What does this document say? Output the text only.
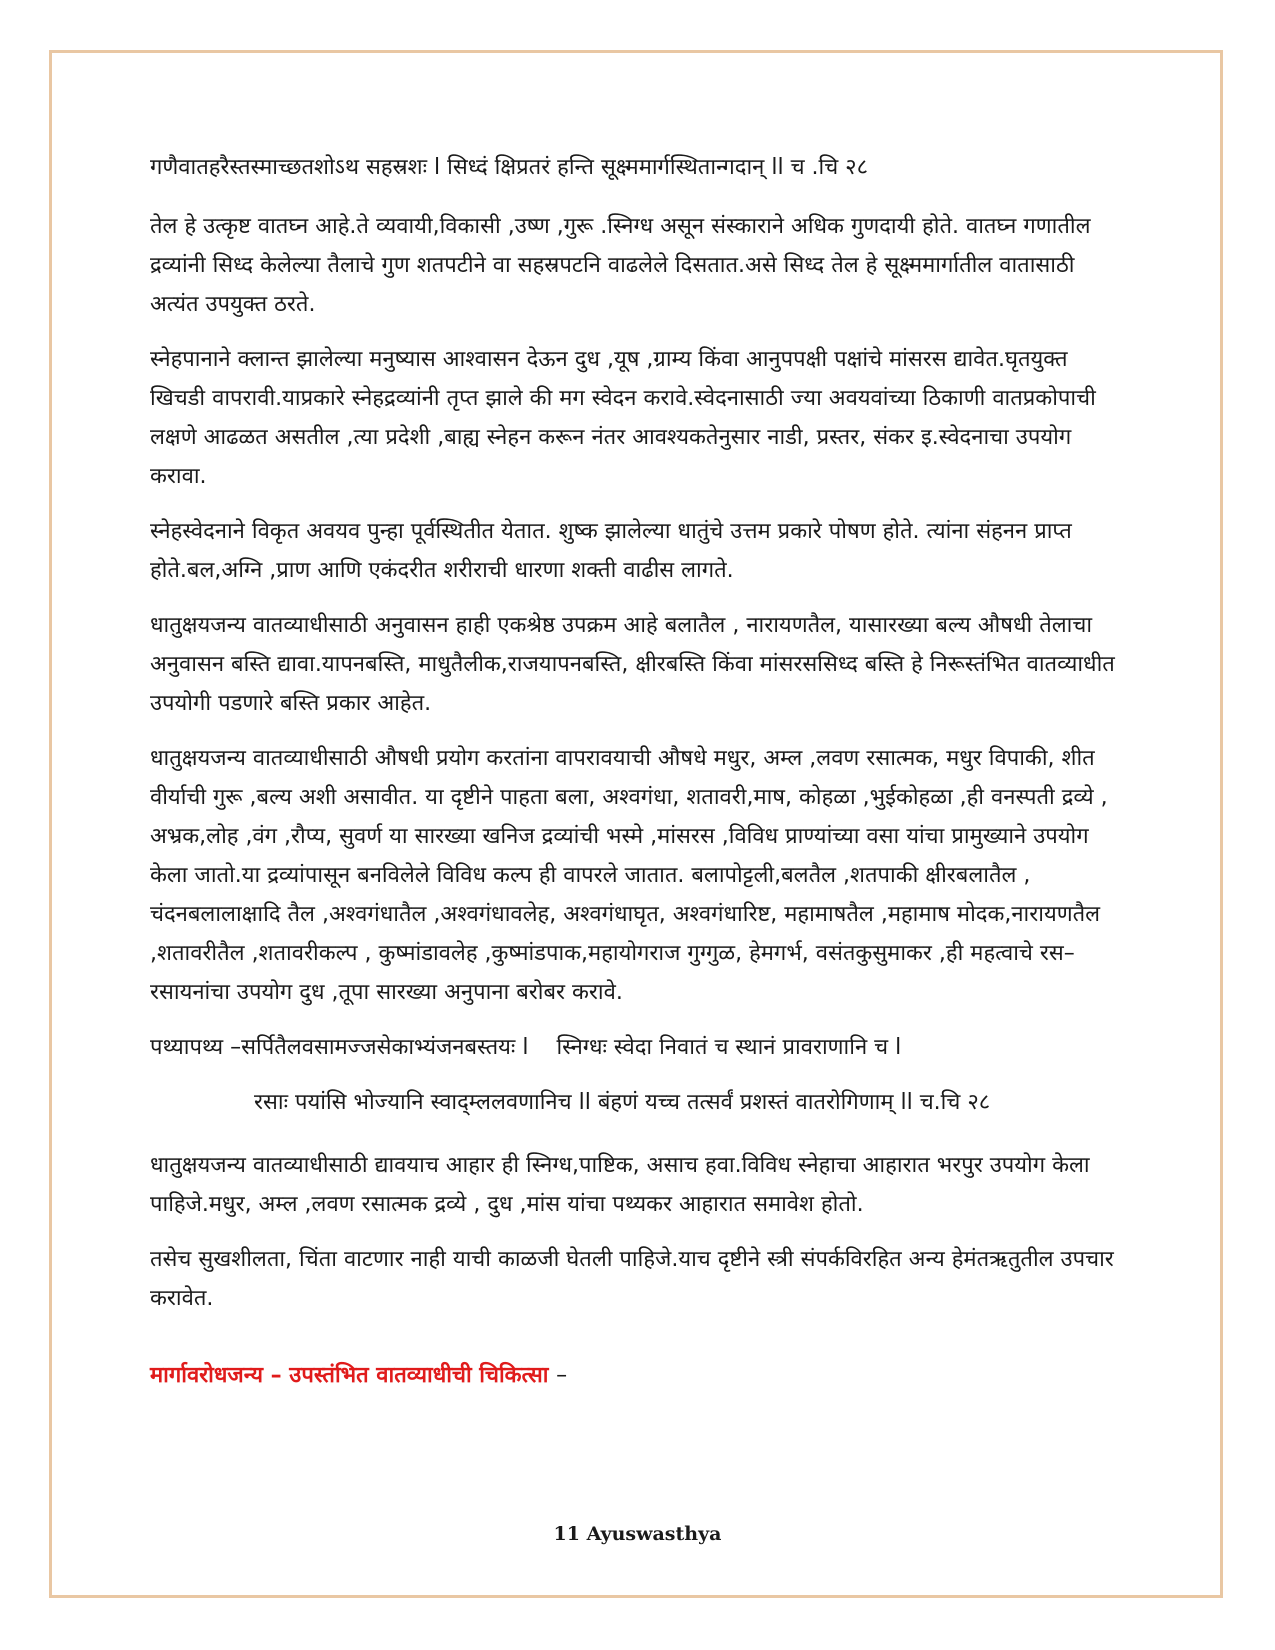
गणैवातहरैस्तस्माच्छतशोऽथ सहस्रशः l सिध्दं क्षिप्रतरं हन्ति सूक्ष्ममार्गस्थितान्गदान् ll च .चि २८

तेल हे उत्कृष्ट वातघ्न आहे.ते व्यवायी,विकासी ,उष्ण ,गुरू .स्निग्ध असून संस्काराने अधिक गुणदायी होते. वातघ्न गणातील द्रव्यांनी सिध्द केलेल्या तैलाचे गुण शतपटीने वा सहस्रपटनि वाढलेले दिसतात.असे सिध्द तेल हे सूक्ष्ममार्गातील वातासाठी अत्यंत उपयुक्त ठरते.

स्नेहपानाने क्लान्त झालेल्या मनुष्यास आश्वासन देऊन दुध ,यूष ,ग्राम्य किंवा आनुपपक्षी पक्षांचे मांसरस द्यावेत.घृतयुक्त खिचडी वापरावी.याप्रकारे स्नेहद्रव्यांनी तृप्त झाले की मग स्वेदन करावे.स्वेदनासाठी ज्या अवयवांच्या ठिकाणी वातप्रकोपाची लक्षणे आढळत असतील ,त्या प्रदेशी ,बाह्य स्नेहन करून नंतर आवश्यकतेनुसार नाडी, प्रस्तर, संकर इ.स्वेदनाचा उपयोग करावा.

स्नेहस्वेदनाने विकृत अवयव पुन्हा पूर्वस्थितीत येतात. शुष्क झालेल्या धातुंचे उत्तम प्रकारे पोषण होते. त्यांना संहनन प्राप्त होते.बल,अग्नि ,प्राण आणि एकंदरीत शरीराची धारणा शक्ती वाढीस लागते.

धातुक्षयजन्य वातव्याधीसाठी अनुवासन हाही एकश्रेष्ठ उपक्रम आहे बलातैल , नारायणतैल, यासारख्या बल्य औषधी तेलाचा अनुवासन बस्ति द्यावा.यापनबस्ति, माधुतैलीक,राजयापनबस्ति, क्षीरबस्ति किंवा मांसरससिध्द बस्ति हे निरूस्तंभित वातव्याधीत उपयोगी पडणारे बस्ति प्रकार आहेत.

धातुक्षयजन्य वातव्याधीसाठी औषधी प्रयोग करतांना वापरावयाची औषधे मधुर, अम्ल ,लवण रसात्मक, मधुर विपाकी, शीत वीर्याची गुरू ,बल्य अशी असावीत. या दृष्टीने पाहता बला, अश्वगंधा, शतावरी,माष, कोहळा ,भुईकोहळा ,ही वनस्पती द्रव्ये , अभ्रक,लोह ,वंग ,रौप्य, सुवर्ण या सारख्या खनिज द्रव्यांची भस्मे ,मांसरस ,विविध प्राण्यांच्या वसा यांचा प्रामुख्याने उपयोग केला जातो.या द्रव्यांपासून बनविलेले विविध कल्प ही वापरले जातात. बलापोट्टली,बलतैल ,शतपाकी क्षीरबलातैल , चंदनबलालाक्षादि तैल ,अश्वगंधातैल ,अश्वगंधावलेह, अश्वगंधाघृत, अश्वगंधारिष्ट, महामाषतैल ,महामाष मोदक,नारायणतैल ,शतावरीतैल ,शतावरीकल्प , कुष्मांडावलेह ,कुष्मांडपाक,महायोगराज गुग्गुळ, हेमगर्भ, वसंतकुसुमाकर ,ही महत्वाचे रस–रसायनांचा उपयोग दुध ,तूपा सारख्या अनुपाना बरोबर करावे.

पथ्यापथ्य –सर्पितैलवसामज्जसेकाभ्यंजनबस्तयः l स्निग्धः स्वेदा निवातं च स्थानं प्रावराणानि च l

रसाः पयांसि भोज्यानि स्वाद्म्ललवणानिच ll बंहणं यच्च तत्सर्वं प्रशस्तं वातरोगिणाम् ll च.चि २८

धातुक्षयजन्य वातव्याधीसाठी द्यावयाच आहार ही स्निग्ध,पाष्टिक, असाच हवा.विविध स्नेहाचा आहारात भरपुर उपयोग केला पाहिजे.मधुर, अम्ल ,लवण रसात्मक द्रव्ये , दुध ,मांस यांचा पथ्यकर आहारात समावेश होतो.

तसेच सुखशीलता, चिंता वाटणार नाही याची काळजी घेतली पाहिजे.याच दृष्टीने स्त्री संपर्कविरहित अन्य हेमंतऋतुतील उपचार करावेत.

मार्गावरोधजन्य – उपस्तंभित वातव्याधीची चिकित्सा –

11 Ayuswasthya
